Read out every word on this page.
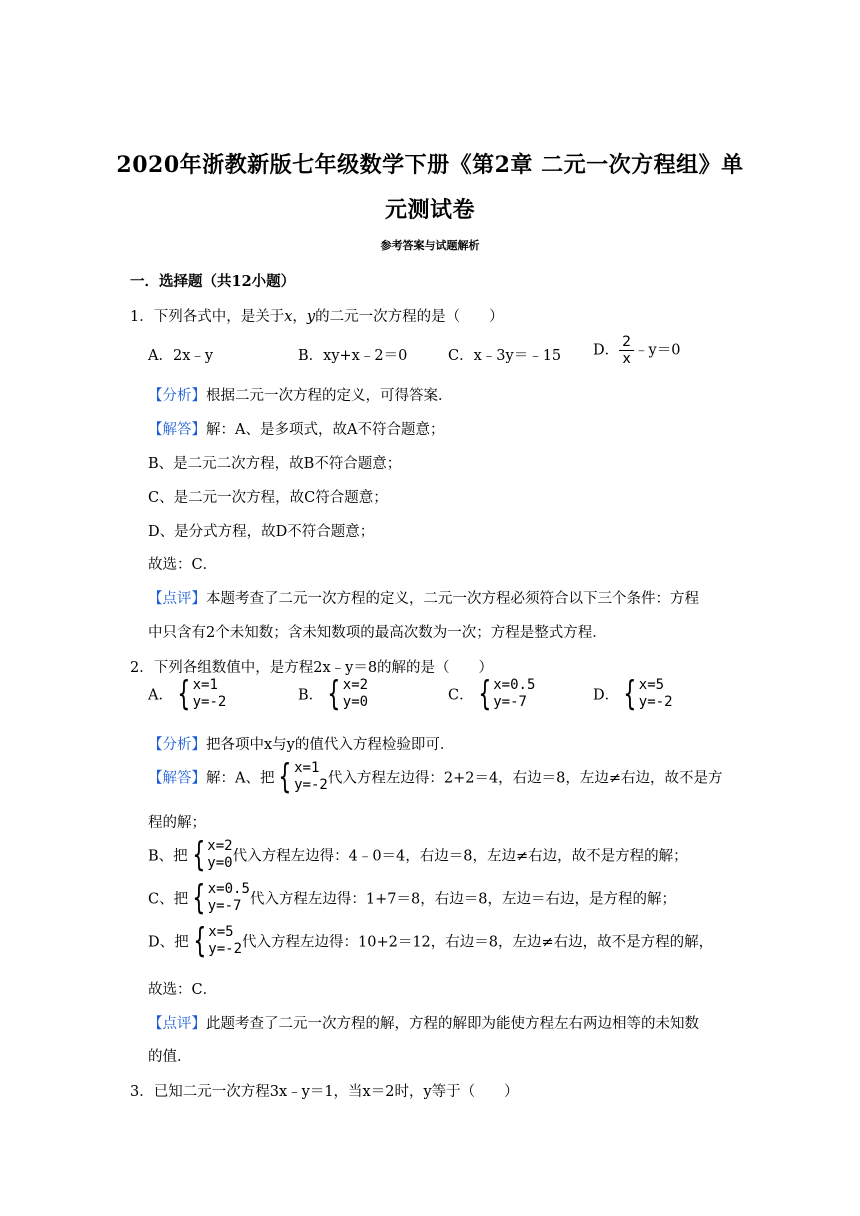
2020年浙教新版七年级数学下册《第2章 二元一次方程组》单
元测试卷
参考答案与试题解析
一．选择题（共12小题）
1．下列各式中，是关于x，y的二元一次方程的是（　　）
A．2x﹣y	B．xy+x﹣2＝0	C．x﹣3y＝﹣15 D． $\frac{2}{x}$ ﹣y＝0
【分析】根据二元一次方程的定义，可得答案．
【解答】解：A、是多项式，故A不符合题意；
B、是二元二次方程，故B不符合题意；
C、是二元一次方程，故C符合题意；
D、是分式方程，故D不符合题意；
故选：C．
【点评】本题考查了二元一次方程的定义，二元一次方程必须符合以下三个条件：方程
中只含有2个未知数；含未知数项的最高次数为一次；方程是整式方程．
2．下列各组数值中，是方程2x﹣y＝8的解的是（　　）
A． { x=1
y=-2	B． { x=2
y=0	C． { x=0.5
y=-7	D． { x=5
y=-2
【分析】把各项中x与y的值代入方程检验即可．
【解答】解：A、把 { x=1
y=-2 代入方程左边得：2+2＝4，右边＝8，左边≠右边，故不是方
程的解；
B、把 { x=2
y=0 代入方程左边得：4﹣0＝4，右边＝8，左边≠右边，故不是方程的解；
C、把 { x=0.5
y=-7 代入方程左边得：1+7＝8，右边＝8，左边＝右边，是方程的解；
D、把 { x=5
y=-2 代入方程左边得：10+2＝12，右边＝8，左边≠右边，故不是方程的解，
故选：C．
【点评】此题考查了二元一次方程的解，方程的解即为能使方程左右两边相等的未知数
的值．
3．已知二元一次方程3x﹣y＝1，当x＝2时，y等于（　　）
